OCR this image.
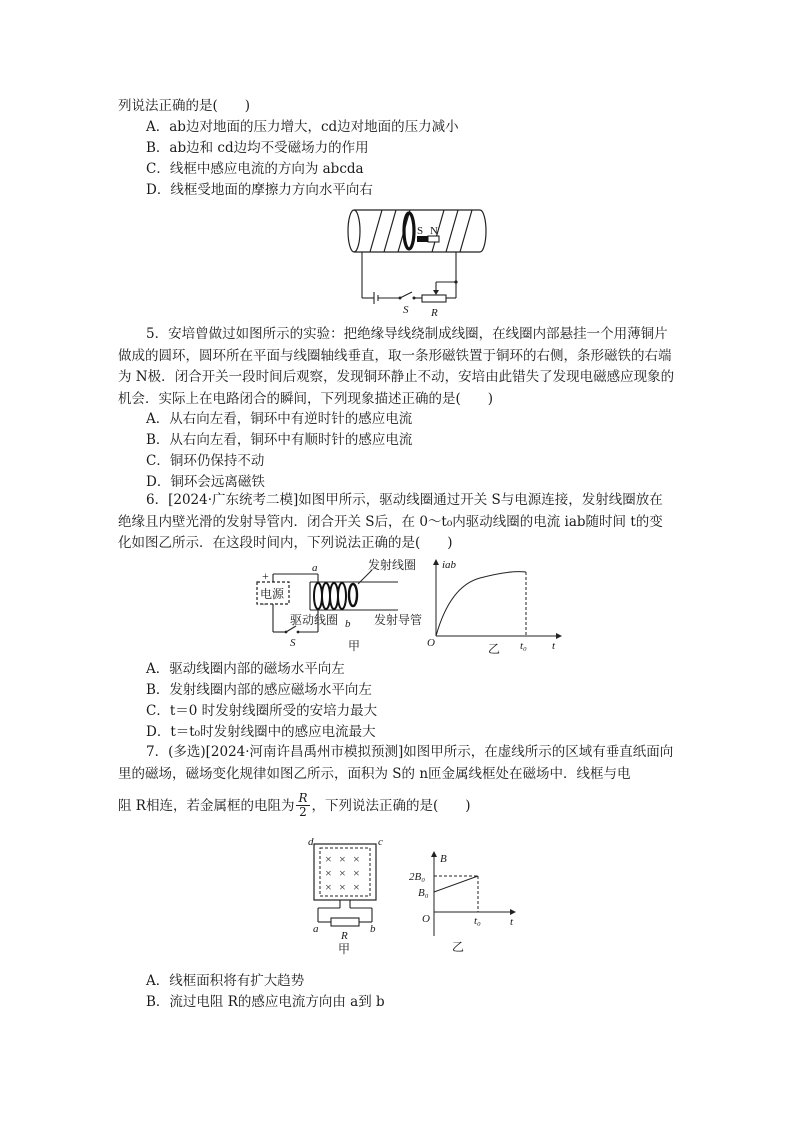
列说法正确的是(　　)
A．ab边对地面的压力增大，cd边对地面的压力减小
B．ab边和 cd边均不受磁场力的作用
C．线框中感应电流的方向为 abcda
D．线框受地面的摩擦力方向水平向右
S N
S R
5．安培曾做过如图所示的实验：把绝缘导线绕制成线圈，在线圈内部悬挂一个用薄铜片做成的圆环，圆环所在平面与线圈轴线垂直，取一条形磁铁置于铜环的右侧，条形磁铁的右端为 N极．闭合开关一段时间后观察，发现铜环静止不动，安培由此错失了发现电磁感应现象的机会．实际上在电路闭合的瞬间，下列现象描述正确的是(　　)
A．从右向左看，铜环中有逆时针的感应电流
B．从右向左看，铜环中有顺时针的感应电流
C．铜环仍保持不动
D．铜环会远离磁铁
6．[2024·广东统考二模]如图甲所示，驱动线圈通过开关 S与电源连接，发射线圈放在绝缘且内壁光滑的发射导管内．闭合开关 S后，在 0～t₀内驱动线圈的电流 iab随时间 t的变化如图乙所示．在这段时间内，下列说法正确的是(　　)
+
−
电源
发射线圈
a
b
S
驱动线圈	发射导管
甲
iab
O	t₀ t
乙
A．驱动线圈内部的磁场水平向左
B．发射线圈内部的感应磁场水平向左
C．t＝0 时发射线圈所受的安培力最大
D．t＝t₀时发射线圈中的感应电流最大
7．(多选)[2024·河南许昌禹州市模拟预测]如图甲所示，在虚线所示的区域有垂直纸面向里的磁场，磁场变化规律如图乙所示，面积为 S的 n匝金属线框处在磁场中．线框与电
阻 R相连，若金属框的电阻为 R
2 ，下列说法正确的是(　　)
× × ×
× × ×
× × ×
d	c
a	b
R
甲
B
2B₀
B₀
O	t₀	t
乙
A．线框面积将有扩大趋势
B．流过电阻 R的感应电流方向由 a到 b
